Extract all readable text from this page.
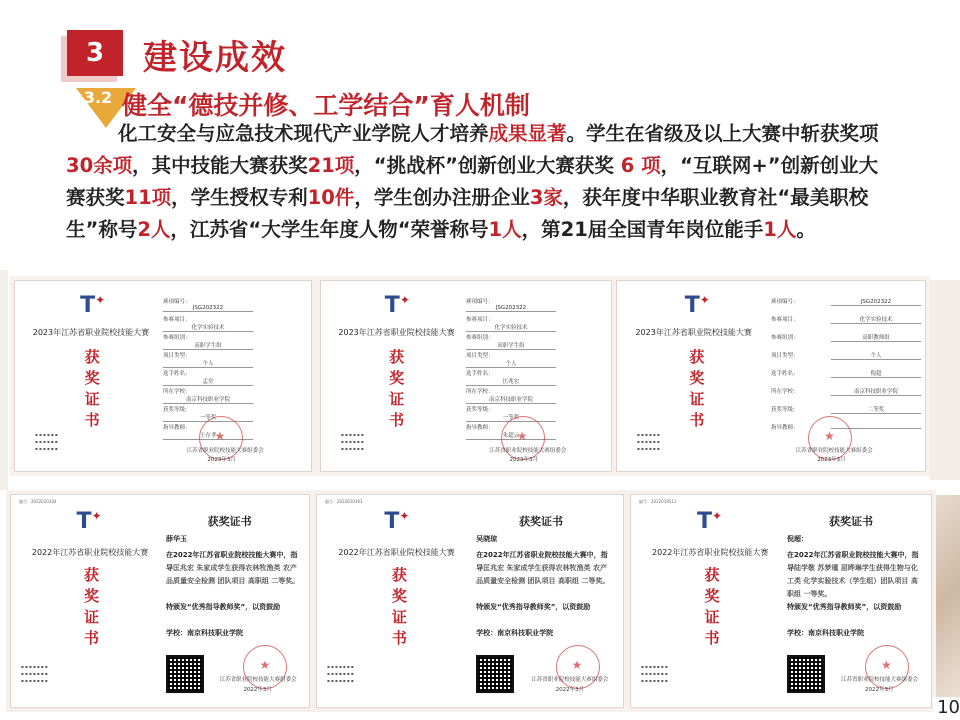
3 建设成效
3.2 健全“德技并修、工学结合”育人机制
化工安全与应急技术现代产业学院人才培养成果显著。学生在省级及以上大赛中斩获奖项30余项，其中技能大赛获奖21项，“挑战杯”创新创业大赛获奖 6 项，“互联网+”创新创业大赛获奖11项，学生授权专利10件，学生创办注册企业3家，获年度中华职业教育社“最美职校生”称号2人，江苏省“大学生年度人物“荣誉称号1人，第21届全国青年岗位能手1人。
T✦
2023年江苏省职业院校技能大赛
获奖证书
赛项编号：JSG202322
参赛项目：化学实验技术
参赛组别：高职学生组
项目类型：个人
选手姓名：孟堂
所在学校：南京科技职业学院
获奖等级：一等奖
指导教师：王存孝
▪ ▪ ▪ ▪ ▪ ▪
▪ ▪ ▪ ▪ ▪ ▪
▪ ▪ ▪ ▪ ▪ ▪ ★	江苏省职业院校技能大赛组委会
2023年3月
T✦
2023年江苏省职业院校技能大赛
获奖证书
赛项编号：JSG202322
参赛项目：化学实验技术
参赛组别：高职学生组
项目类型：个人
选手姓名：匡兆宏
所在学校：南京科技职业学院
获奖等级：一等奖
指导教师：朱超云
▪ ▪ ▪ ▪ ▪ ▪
▪ ▪ ▪ ▪ ▪ ▪
▪ ▪ ▪ ▪ ▪ ▪ ★	江苏省职业院校技能大赛组委会
2023年3月
T✦
2023年江苏省职业院校技能大赛
获奖证书
赛项编号：	JSG202322
参赛项目：	化学实验技术
参赛组别：	高职教师组
项目类型：	个人
选手姓名：	倪超
所在学校：	南京科技职业学院
获奖等级：	二等奖
指导教师：
▪ ▪ ▪ ▪ ▪ ▪
▪ ▪ ▪ ▪ ▪ ▪
▪ ▪ ▪ ▪ ▪ ▪ ★	江苏省职业院校技能大赛组委会
2023年3月
编号：2022010344
T✦
2022年江苏省职业院校技能大赛
获奖证书
获奖证书
薛华玉
在2022年江苏省职业院校技能大赛中，指导匡兆宏 朱家成学生获得农林牧渔类 农产品质量安全检测 团队项目 高职组 二等奖。
特颁发“优秀指导教师奖”，以资鼓励
学校：南京科技职业学院
▪ ▪ ▪ ▪ ▪ ▪ ▪
▪ ▪ ▪ ▪ ▪ ▪ ▪
▪ ▪ ▪ ▪ ▪ ▪ ▪ ★	江苏省职业院校技能大赛组委会
2022年3月
编号：2022010393
T✦
2022年江苏省职业院校技能大赛
获奖证书
获奖证书
吴晓琼
在2022年江苏省职业院校技能大赛中，指导匡兆宏 朱家成学生获得农林牧渔类 农产品质量安全检测 团队项目 高职组 二等奖。
特颁发“优秀指导教师奖”，以资鼓励
学校：南京科技职业学院
▪ ▪ ▪ ▪ ▪ ▪ ▪
▪ ▪ ▪ ▪ ▪ ▪ ▪
▪ ▪ ▪ ▪ ▪ ▪ ▪ ★	江苏省职业院校技能大赛组委会
2022年3月
编号：2022019511
T✦
2022年江苏省职业院校技能大赛
获奖证书
获奖证书
倪超：
在2022年江苏省职业院校技能大赛中，指导陆学敬 苏梦瑾 屈晔琳学生获得生物与化工类 化学实验技术（学生组）团队项目 高职组 一等奖。
特颁发“优秀指导教师奖”，以资鼓励
学校：南京科技职业学院
▪ ▪ ▪ ▪ ▪ ▪ ▪
▪ ▪ ▪ ▪ ▪ ▪ ▪
▪ ▪ ▪ ▪ ▪ ▪ ▪ ★	江苏省职业院校技能大赛组委会
2022年3月
10
